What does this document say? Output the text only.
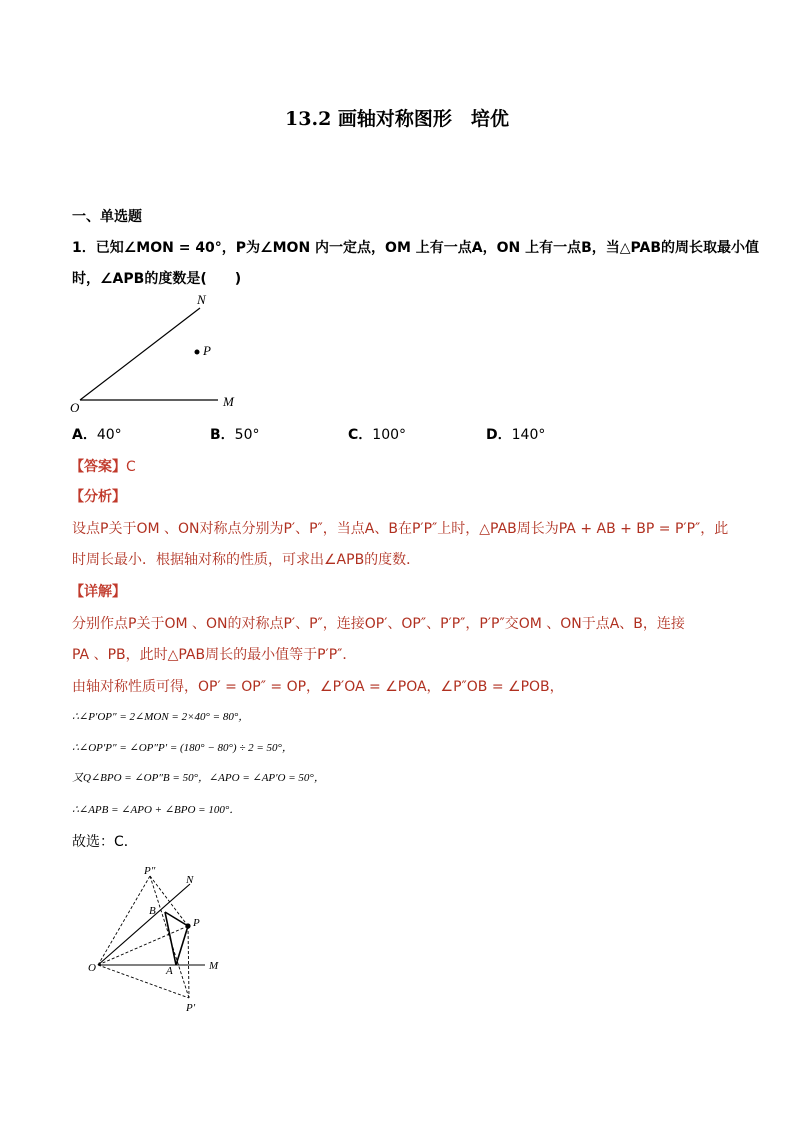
13.2 画轴对称图形　培优
一、单选题
1．已知∠MON = 40°，P为∠MON 内一定点，OM 上有一点A，ON 上有一点B，当△PAB的周长取最小值
时，∠APB的度数是(　　)
N
P
O	M
A．40°	B．50°	C．100°	D．140°
【答案】C
【分析】
设点P关于OM 、ON对称点分别为P′、P″，当点A、B在P′P″上时，△PAB周长为PA + AB + BP = P′P″，此
时周长最小．根据轴对称的性质，可求出∠APB的度数．
【详解】
分别作点P关于OM 、ON的对称点P′、P″，连接OP′、OP″、P′P″，P′P″交OM 、ON于点A、B，连接
PA 、PB，此时△PAB周长的最小值等于P′P″．
由轴对称性质可得，OP′ = OP″ = OP，∠P′OA = ∠POA，∠P″OB = ∠POB，
∴∠P′OP″ = 2∠MON = 2×40° = 80°，
∴∠OP′P″ = ∠OP″P′ = (180° − 80°) ÷ 2 = 50°，
又Q∠BPO = ∠OP″B = 50°，∠APO = ∠AP′O = 50°，
∴∠APB = ∠APO + ∠BPO = 100°．
故选：C．
P″
N
B
P
O	A	M
P′
